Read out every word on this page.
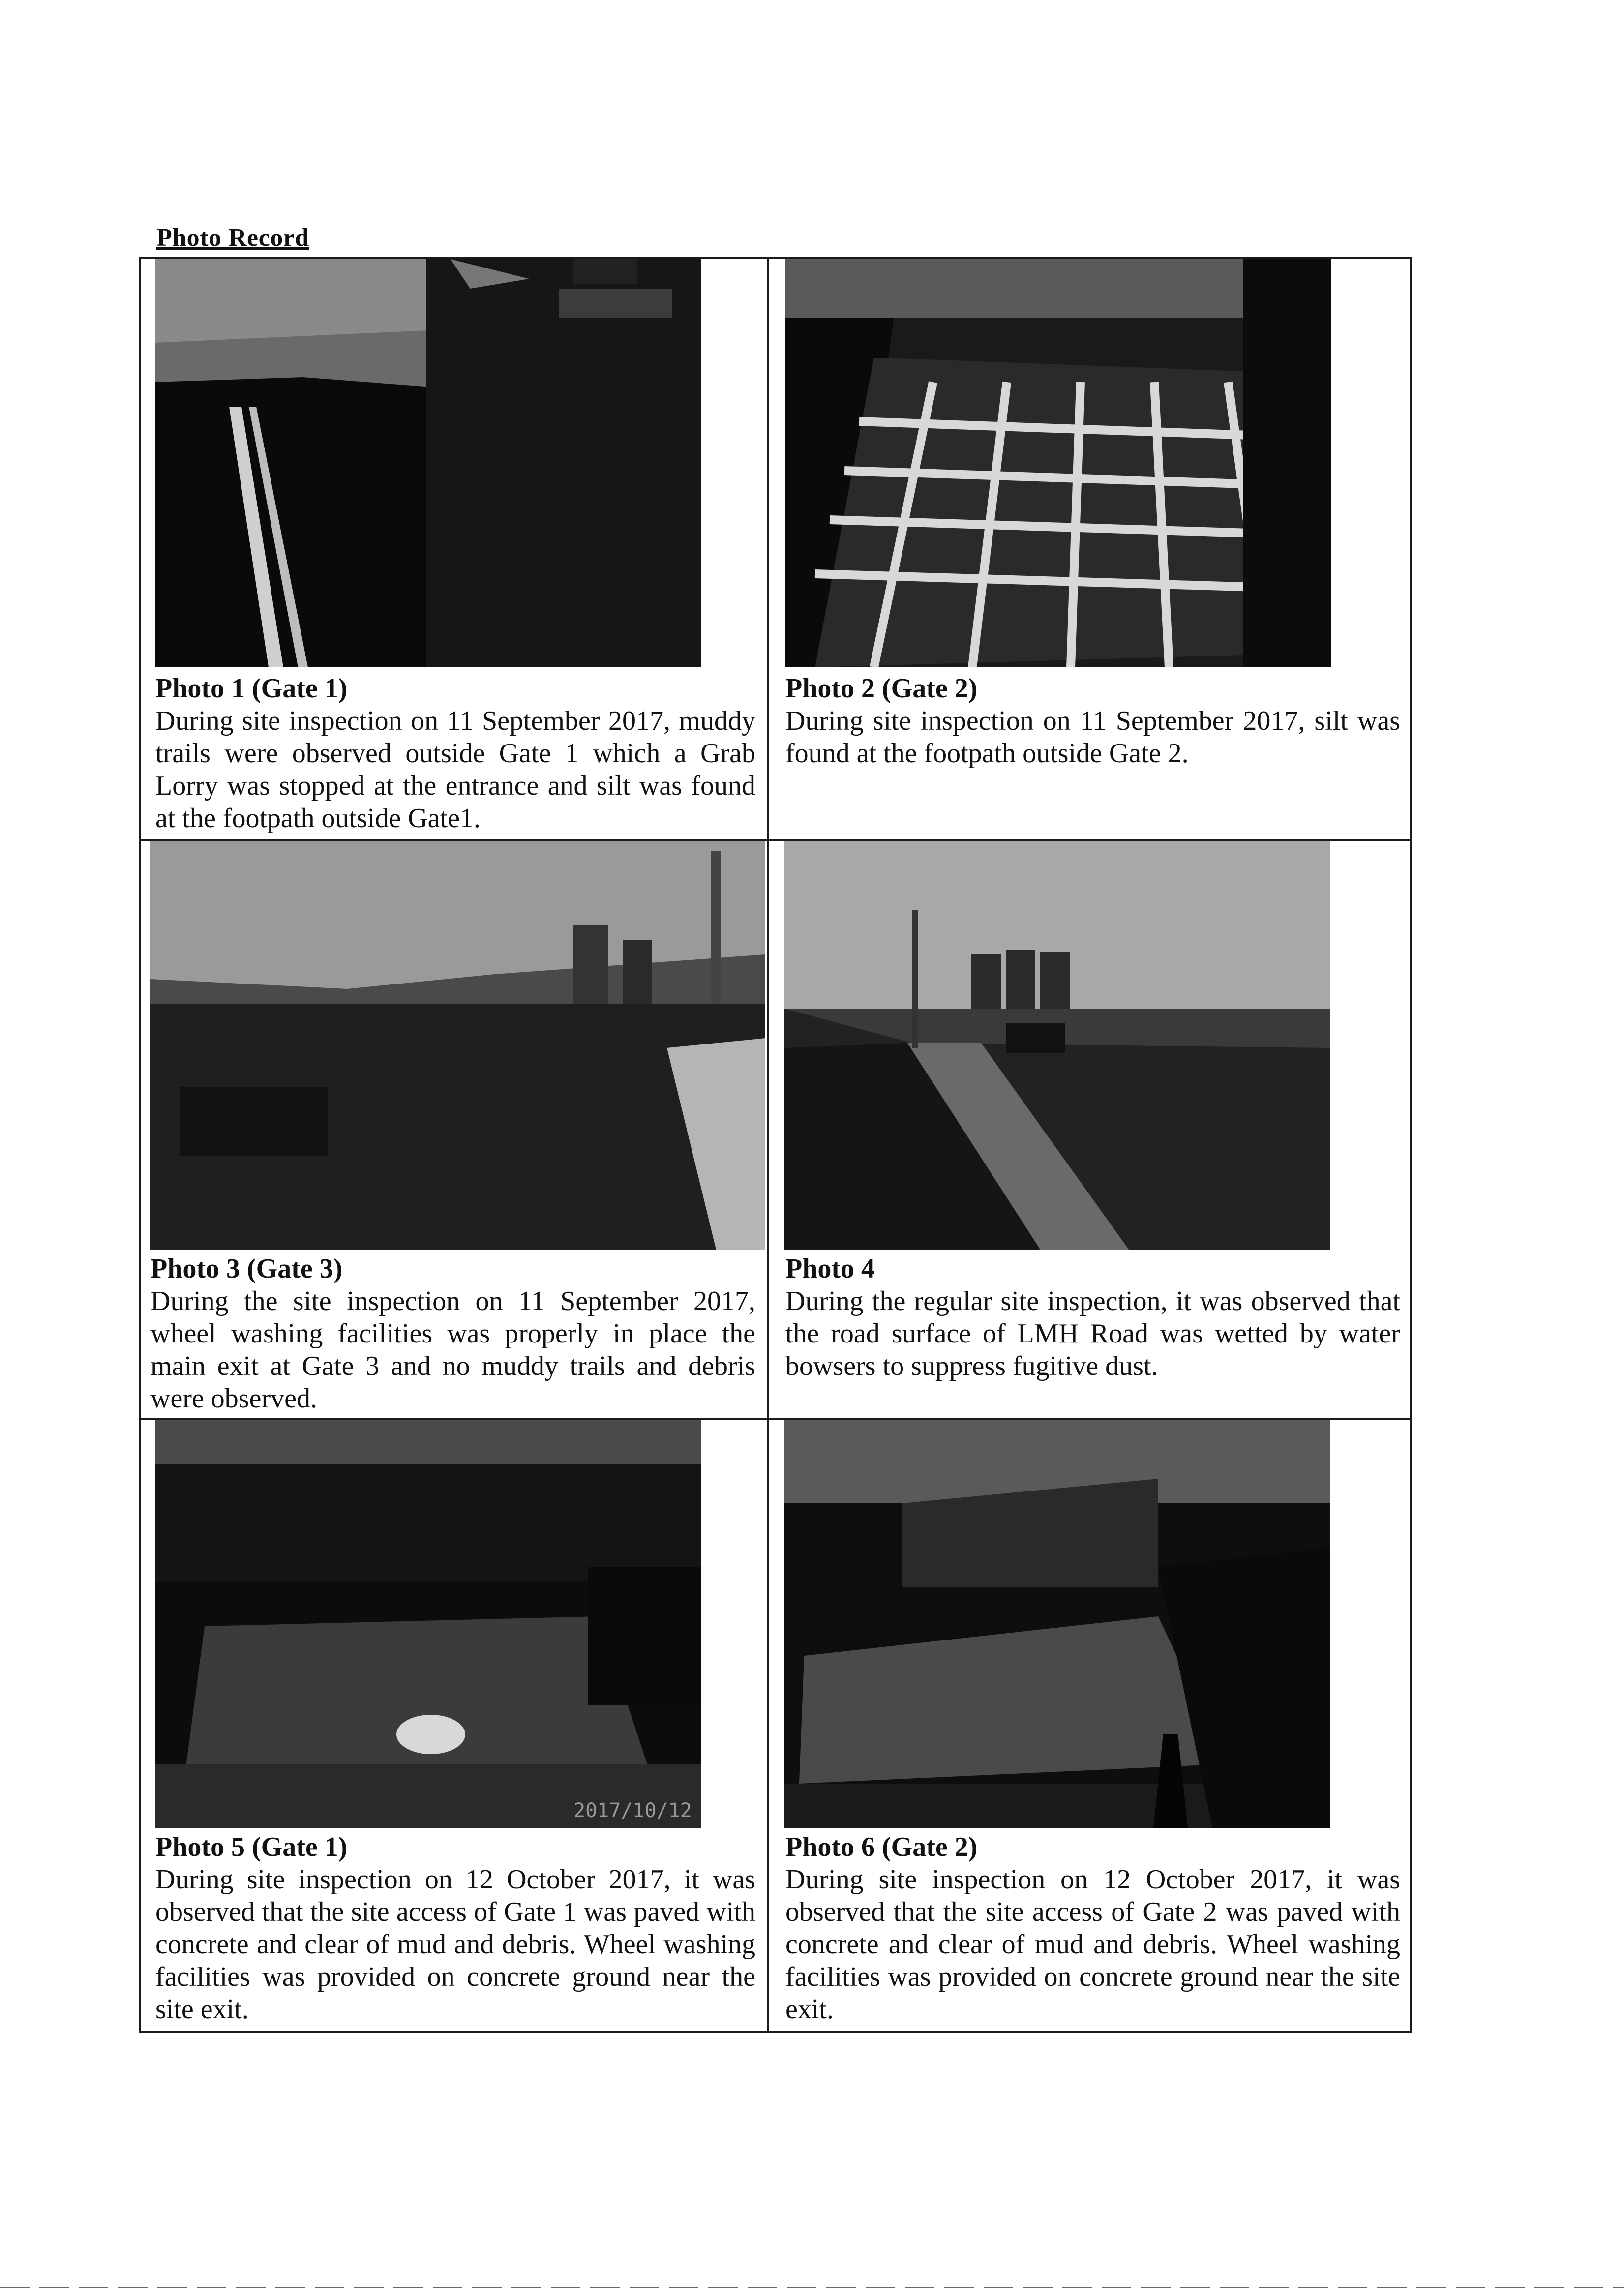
Photo Record
Photo 1 (Gate 1)
During site inspection on 11 September 2017, muddy trails were observed outside Gate 1 which a Grab Lorry was stopped at the entrance and silt was found at the footpath outside Gate1.
Photo 2 (Gate 2)
During site inspection on 11 September 2017, silt was found at the footpath outside Gate 2.
Photo 3 (Gate 3)
During the site inspection on 11 September 2017, wheel washing facilities was properly in place the main exit at Gate 3 and no muddy trails and debris were observed.
Photo 4
During the regular site inspection, it was observed that the road surface of LMH Road was wetted by water bowsers to suppress fugitive dust.
2017/10/12
Photo 5 (Gate 1)
During site inspection on 12 October 2017, it was observed that the site access of Gate 1 was paved with concrete and clear of mud and debris. Wheel washing facilities was provided on concrete ground near the site exit.
Photo 6 (Gate 2)
During site inspection on 12 October 2017, it was observed that the site access of Gate 2 was paved with concrete and clear of mud and debris. Wheel washing facilities was provided on concrete ground near the site exit.
